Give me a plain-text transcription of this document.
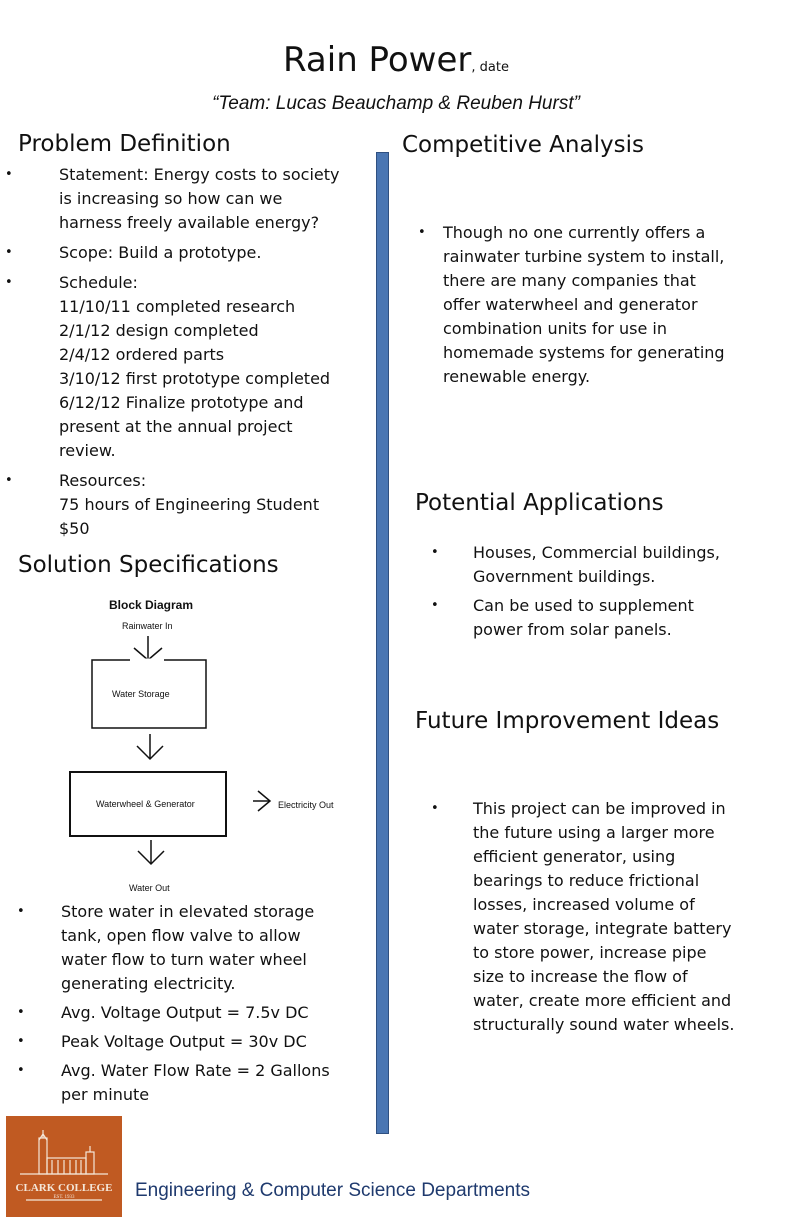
Rain Power, date
“Team: Lucas Beauchamp & Reuben Hurst”
Problem Definition
•	Statement: Energy costs to society
is increasing so how can we
harness freely available energy?
•	Scope: Build a prototype.
•	Schedule:
11/10/11 completed research
2/1/12 design completed
2/4/12 ordered parts
3/10/12 first prototype completed
6/12/12 Finalize prototype and
present at the annual project
review.
•	Resources:
75 hours of Engineering Student
$50
Solution Specifications
Block Diagram
Rainwater In
Water Storage
Waterwheel & Generator	Electricity Out
Water Out
• Store water in elevated storage
tank, open flow valve to allow
water flow to turn water wheel
generating electricity.
• Avg. Voltage Output = 7.5v DC
• Peak Voltage Output = 30v DC
• Avg. Water Flow Rate = 2 Gallons
per minute
Competitive Analysis
• Though no one currently offers a
rainwater turbine system to install,
there are many companies that
offer waterwheel and generator
combination units for use in
homemade systems for generating
renewable energy.
Potential Applications
• Houses, Commercial buildings,
Government buildings.
• Can be used to supplement
power from solar panels.
Future Improvement Ideas
• This project can be improved in
the future using a larger more
efficient generator, using
bearings to reduce frictional
losses, increased volume of
water storage, integrate battery
to store power, increase pipe
size to increase the flow of
water, create more efficient and
structurally sound water wheels.
CLARK COLLEGE
EST. 1933	Engineering & Computer Science Departments
